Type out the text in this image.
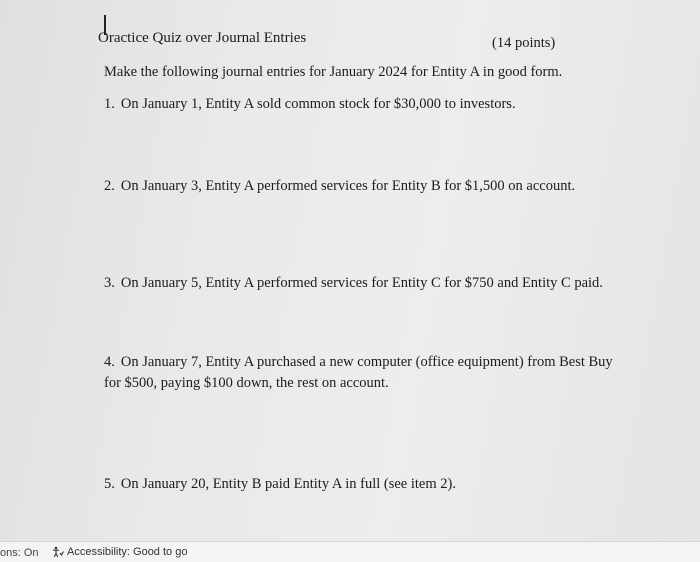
Oractice Quiz over Journal Entries	(14 points)
Make the following journal entries for January 2024 for Entity A in good form.
1. On January 1, Entity A sold common stock for $30,000 to investors.
2. On January 3, Entity A performed services for Entity B for $1,500 on account.
3. On January 5, Entity A performed services for Entity C for $750 and Entity C paid.
4. On January 7, Entity A purchased a new computer (office equipment) from Best Buy
for $500, paying $100 down, the rest on account.
5. On January 20, Entity B paid Entity A in full (see item 2).
ons: On	Accessibility: Good to go
